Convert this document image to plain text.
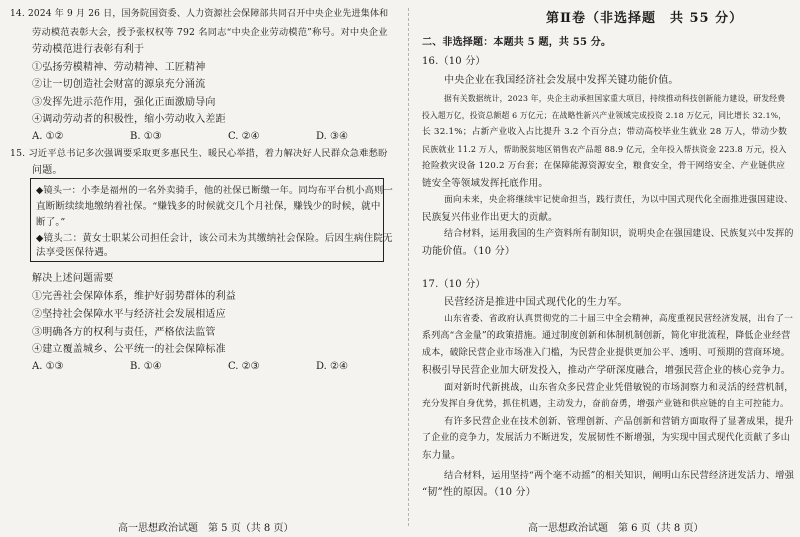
14. 2024 年 9 月 26 日，国务院国资委、人力资源社会保障部共同召开中央企业先进集体和
劳动模范表彰大会，授予张权权等 792 名同志“中央企业劳动模范”称号。对中央企业
劳动模范进行表彰有利于
①弘扬劳模精神、劳动精神、工匠精神
②让一切创造社会财富的源泉充分涌流
③发挥先进示范作用，强化正面激励导向
④调动劳动者的积极性，缩小劳动收入差距
A. ①②	B. ①③	C. ②④	D. ③④
15. 习近平总书记多次强调要采取更多惠民生、暖民心举措，着力解决好人民群众急难愁盼
问题。
◆镜头一：小李是福州的一名外卖骑手，他的社保已断缴一年。同均布平台机小高则一
直断断续续地缴纳着社保。“赚钱多的时候就交几个月社保，赚钱少的时候，就中
断了。”
◆镜头二：黄女士职某公司担任会计，该公司未为其缴纳社会保险。后因生病住院无
法享受医保待遇。
解决上述问题需要
①完善社会保障体系，维护好弱势群体的利益
②坚持社会保障水平与经济社会发展相适应
③明确各方的权利与责任，严格依法监管
④建立覆盖城乡、公平统一的社会保障标准
A. ①③	B. ①④	C. ②③	D. ②④
高一思想政治试题　第 5 页（共 8 页）
第Ⅱ卷（非选择题　共 55 分）
二、非选择题：本题共 5 题，共 55 分。
16.（10 分）
中央企业在我国经济社会发展中发挥关键功能价值。
据有关数据统计，2023 年，央企主动承担国家重大项目，持续推动科技创新能力建设，研发经费
投入超万亿，投资总额超 6 万亿元；在战略性新兴产业领域完成投资 2.18 万亿元，同比增长 32.1%，
长 32.1%；占新产业收入占比提升 3.2 个百分点；带动高校毕业生就业 28 万人，带动少数
民族就业 11.2 万人，帮助脱贫地区销售农产品超 88.9 亿元，全年投入帮扶资金 223.8 万元，投入
抢险救灾设备 120.2 万台套；在保障能源资源安全，粮食安全，骨干网络安全、产业链供应
链安全等领域发挥托底作用。
面向未来，央企将继续牢记使命担当，践行责任，为以中国式现代化全面推进强国建设、
民族复兴伟业作出更大的贡献。
结合材料，运用我国的生产资料所有制知识，说明央企在强国建设、民族复兴中发挥的
功能价值。（10 分）
17.（10 分）
民营经济是推进中国式现代化的生力军。
山东省委、省政府认真贯彻党的二十届三中全会精神，高度重视民营经济发展，出台了一
系列高“含金量”的政策措施。通过制度创新和体制机制创新，简化审批流程，降低企业经营
成本，破除民营企业市场准入门槛，为民营企业提供更加公平、透明、可预期的营商环境。
积极引导民营企业加大研发投入，推动产学研深度融合，增强民营企业的核心竞争力。
面对新时代新挑战，山东省众多民营企业凭借敏锐的市场洞察力和灵活的经营机制，
充分发挥自身优势，抓住机遇，主动发力，奋前奋勇，增强产业链和供应链的自主可控能力。
有许多民营企业在技术创新、管理创新、产品创新和营销方面取得了显著成果，提升
了企业的竞争力，发展活力不断迸发，发展韧性不断增强，为实现中国式现代化贡献了多山
东力量。
结合材料，运用坚持“两个毫不动摇”的相关知识，阐明山东民营经济迸发活力、增强
“韧”性的原因。（10 分）
高一思想政治试题　第 6 页（共 8 页）
